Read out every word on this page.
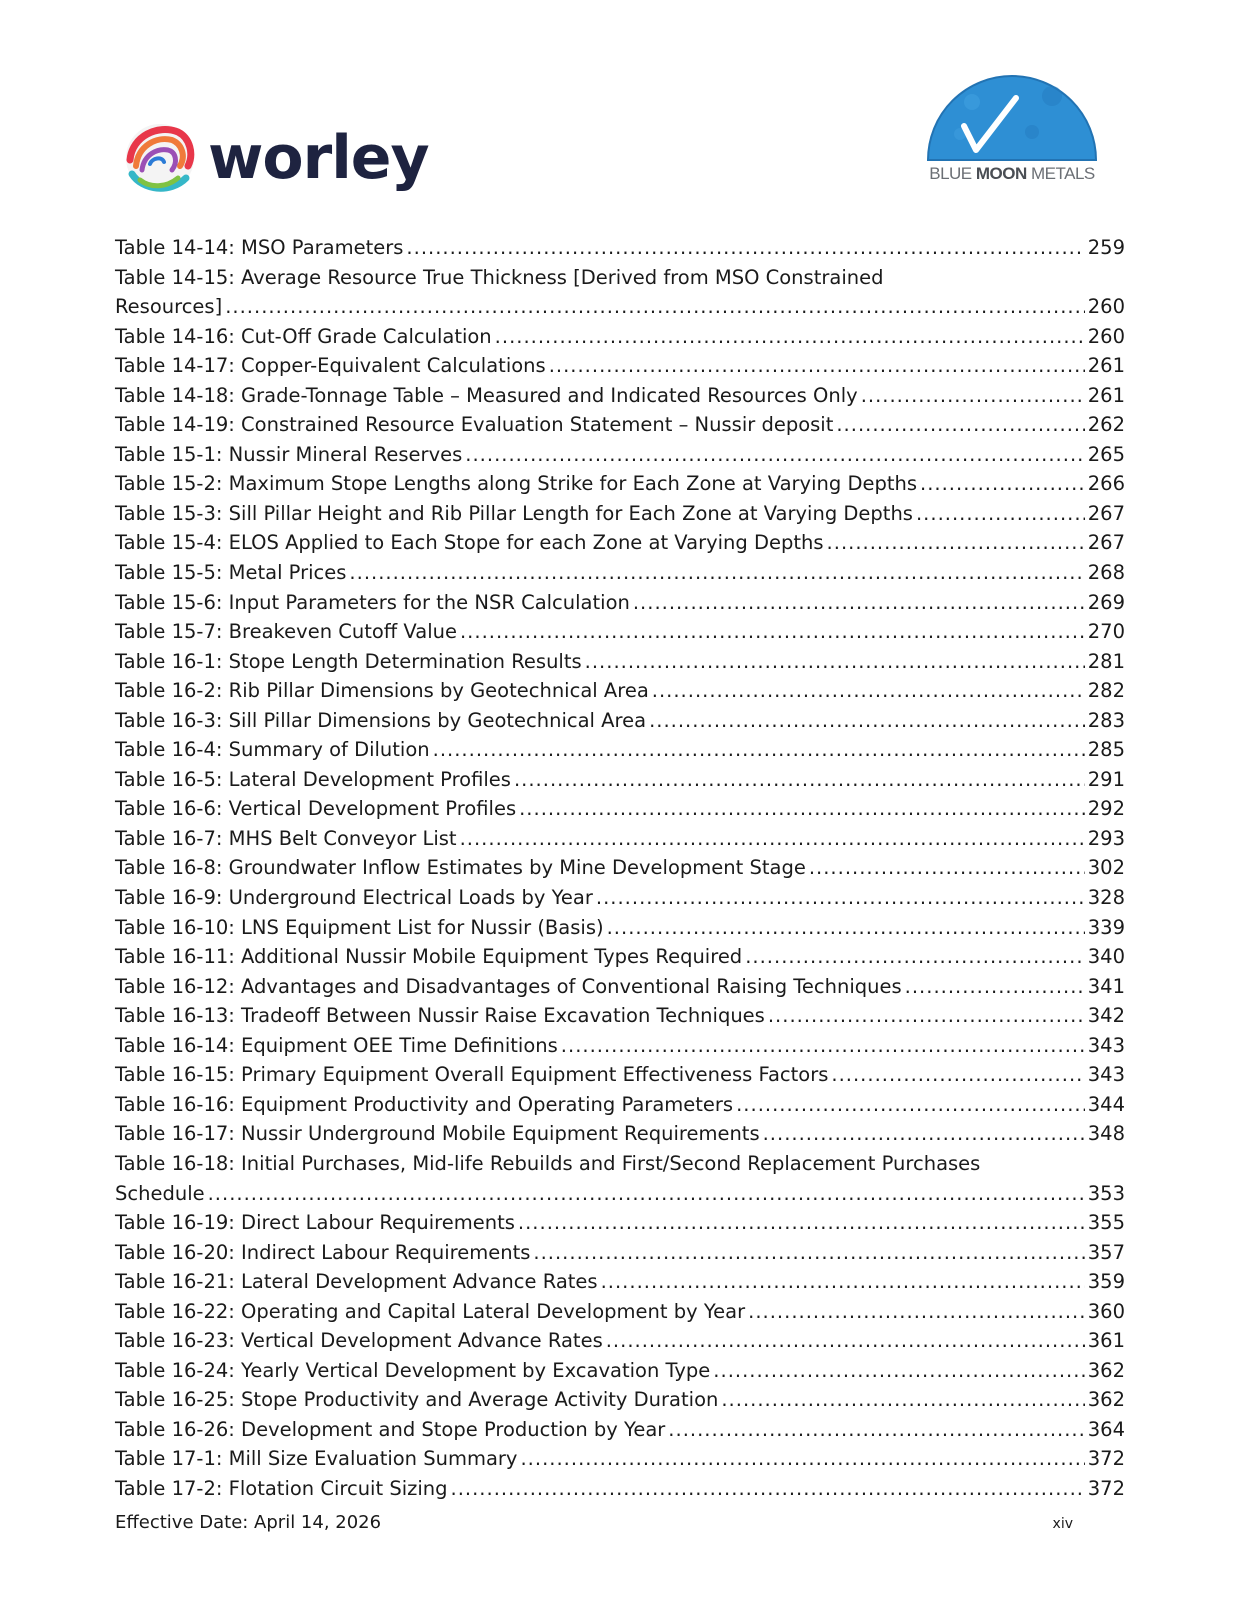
worley	BLUE MOON METALS
Table 14-14: MSO Parameters .....	259
Table 14-15: Average Resource True Thickness [Derived from MSO Constrained
Resources] .....	260
Table 14-16: Cut-Off Grade Calculation .....	260
Table 14-17: Copper-Equivalent Calculations .....	261
Table 14-18: Grade-Tonnage Table – Measured and Indicated Resources Only .....	261
Table 14-19: Constrained Resource Evaluation Statement – Nussir deposit .....	262
Table 15-1: Nussir Mineral Reserves .....	265
Table 15-2: Maximum Stope Lengths along Strike for Each Zone at Varying Depths .....	266
Table 15-3: Sill Pillar Height and Rib Pillar Length for Each Zone at Varying Depths .....	267
Table 15-4: ELOS Applied to Each Stope for each Zone at Varying Depths .....	267
Table 15-5: Metal Prices .....	268
Table 15-6: Input Parameters for the NSR Calculation .....	269
Table 15-7: Breakeven Cutoff Value .....	270
Table 16-1: Stope Length Determination Results .....	281
Table 16-2: Rib Pillar Dimensions by Geotechnical Area .....	282
Table 16-3: Sill Pillar Dimensions by Geotechnical Area .....	283
Table 16-4: Summary of Dilution .....	285
Table 16-5: Lateral Development Profiles .....	291
Table 16-6: Vertical Development Profiles .....	292
Table 16-7: MHS Belt Conveyor List .....	293
Table 16-8: Groundwater Inflow Estimates by Mine Development Stage .....	302
Table 16-9: Underground Electrical Loads by Year .....	328
Table 16-10: LNS Equipment List for Nussir (Basis) .....	339
Table 16-11: Additional Nussir Mobile Equipment Types Required .....	340
Table 16-12: Advantages and Disadvantages of Conventional Raising Techniques .....	341
Table 16-13: Tradeoff Between Nussir Raise Excavation Techniques .....	342
Table 16-14: Equipment OEE Time Definitions .....	343
Table 16-15: Primary Equipment Overall Equipment Effectiveness Factors .....	343
Table 16-16: Equipment Productivity and Operating Parameters .....	344
Table 16-17: Nussir Underground Mobile Equipment Requirements .....	348
Table 16-18: Initial Purchases, Mid-life Rebuilds and First/Second Replacement Purchases
Schedule .....	353
Table 16-19: Direct Labour Requirements .....	355
Table 16-20: Indirect Labour Requirements .....	357
Table 16-21: Lateral Development Advance Rates .....	359
Table 16-22: Operating and Capital Lateral Development by Year .....	360
Table 16-23: Vertical Development Advance Rates .....	361
Table 16-24: Yearly Vertical Development by Excavation Type .....	362
Table 16-25: Stope Productivity and Average Activity Duration .....	362
Table 16-26: Development and Stope Production by Year .....	364
Table 17-1: Mill Size Evaluation Summary .....	372
Table 17-2: Flotation Circuit Sizing .....	372
Effective Date: April 14, 2026	xiv
